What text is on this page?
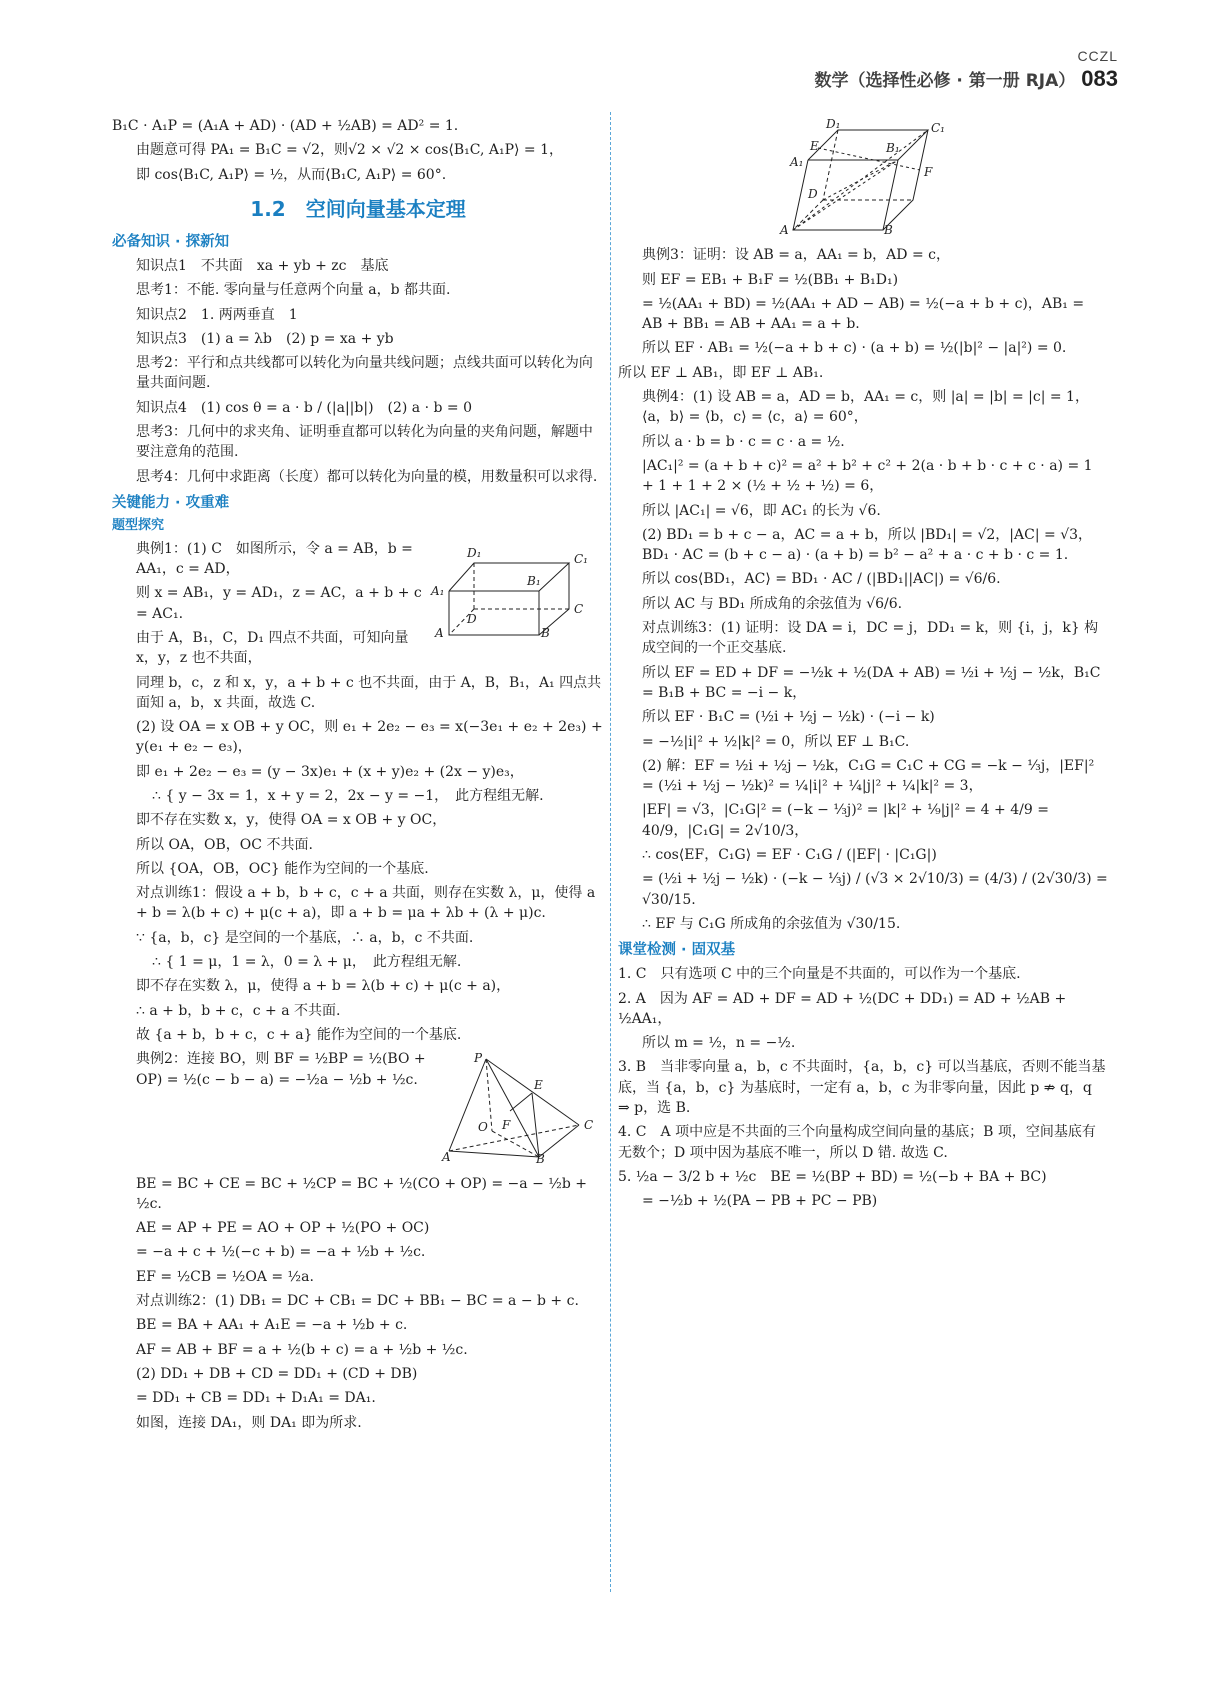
CCZL
数学（选择性必修 · 第一册 RJA） 083
B₁C · A₁P = (A₁A + AD) · (AD + ½AB) = AD² = 1.
由题意可得 PA₁ = B₁C = √2，则√2 × √2 × cos⟨B₁C, A₁P⟩ = 1，
即 cos⟨B₁C, A₁P⟩ = ½，从而⟨B₁C, A₁P⟩ = 60°.
1.2　空间向量基本定理
必备知识 · 探新知
知识点1　不共面　xa + yb + zc　基底
思考1：不能. 零向量与任意两个向量 a，b 都共面.
知识点2　1. 两两垂直　1
知识点3　(1) a = λb　(2) p = xa + yb
思考2：平行和点共线都可以转化为向量共线问题；点线共面可以转化为向量共面问题.
知识点4　(1) cos θ = a · b / (|a||b|)　(2) a · b = 0
思考3：几何中的求夹角、证明垂直都可以转化为向量的夹角问题，解题中要注意角的范围.
思考4：几何中求距离（长度）都可以转化为向量的模，用数量积可以求得.
关键能力 · 攻重难
题型探究
典例1：(1) C　如图所示，令 a = AB，b = AA₁，c = AD，
则 x = AB₁，y = AD₁，z = AC，a + b + c = AC₁.
由于 A，B₁，C，D₁ 四点不共面，可知向量 x，y，z 也不共面，
D₁	C₁
B₁
A₁
D
C
A	B
同理 b，c，z 和 x，y，a + b + c 也不共面，由于 A，B，B₁，A₁ 四点共面知 a，b，x 共面，故选 C.
(2) 设 OA = x OB + y OC，则 e₁ + 2e₂ − e₃ = x(−3e₁ + e₂ + 2e₃) + y(e₁ + e₂ − e₃)，
即 e₁ + 2e₂ − e₃ = (y − 3x)e₁ + (x + y)e₂ + (2x − y)e₃，
∴ { y − 3x = 1，x + y = 2，2x − y = −1，　此方程组无解.
即不存在实数 x，y，使得 OA = x OB + y OC，
所以 OA，OB，OC 不共面.
所以 {OA，OB，OC} 能作为空间的一个基底.
对点训练1：假设 a + b，b + c，c + a 共面，则存在实数 λ，μ，使得 a + b = λ(b + c) + μ(c + a)，即 a + b = μa + λb + (λ + μ)c.
∵ {a，b，c} 是空间的一个基底，∴ a，b，c 不共面.
∴ { 1 = μ，1 = λ，0 = λ + μ，　此方程组无解.
即不存在实数 λ，μ，使得 a + b = λ(b + c) + μ(c + a)，
∴ a + b，b + c，c + a 不共面.
故 {a + b，b + c，c + a} 能作为空间的一个基底.
典例2：连接 BO，则 BF = ½BP = ½(BO + OP) = ½(c − b − a) = −½a − ½b + ½c.
P
E
O F	C
A	B
BE = BC + CE = BC + ½CP = BC + ½(CO + OP) = −a − ½b + ½c.
AE = AP + PE = AO + OP + ½(PO + OC)
= −a + c + ½(−c + b) = −a + ½b + ½c.
EF = ½CB = ½OA = ½a.
对点训练2：(1) DB₁ = DC + CB₁ = DC + BB₁ − BC = a − b + c.
BE = BA + AA₁ + A₁E = −a + ½b + c.
AF = AB + BF = a + ½(b + c) = a + ½b + ½c.
(2) DD₁ + DB + CD = DD₁ + (CD + DB)
= DD₁ + CB = DD₁ + D₁A₁ = DA₁.
如图，连接 DA₁，则 DA₁ 即为所求.
D₁	C₁
E	B₁
A₁
D
F
A	B
典例3：证明：设 AB = a，AA₁ = b，AD = c，
则 EF = EB₁ + B₁F = ½(BB₁ + B₁D₁)
= ½(AA₁ + BD) = ½(AA₁ + AD − AB) = ½(−a + b + c)，AB₁ = AB + BB₁ = AB + AA₁ = a + b.
所以 EF · AB₁ = ½(−a + b + c) · (a + b) = ½(|b|² − |a|²) = 0.
所以 EF ⊥ AB₁，即 EF ⊥ AB₁.
典例4：(1) 设 AB = a，AD = b，AA₁ = c，则 |a| = |b| = |c| = 1，⟨a，b⟩ = ⟨b，c⟩ = ⟨c，a⟩ = 60°，
所以 a · b = b · c = c · a = ½.
|AC₁|² = (a + b + c)² = a² + b² + c² + 2(a · b + b · c + c · a) = 1 + 1 + 1 + 2 × (½ + ½ + ½) = 6，
所以 |AC₁| = √6，即 AC₁ 的长为 √6.
(2) BD₁ = b + c − a，AC = a + b，所以 |BD₁| = √2，|AC| = √3，BD₁ · AC = (b + c − a) · (a + b) = b² − a² + a · c + b · c = 1.
所以 cos⟨BD₁，AC⟩ = BD₁ · AC / (|BD₁||AC|) = √6/6.
所以 AC 与 BD₁ 所成角的余弦值为 √6/6.
对点训练3：(1) 证明：设 DA = i，DC = j，DD₁ = k，则 {i，j，k} 构成空间的一个正交基底.
所以 EF = ED + DF = −½k + ½(DA + AB) = ½i + ½j − ½k，B₁C = B₁B + BC = −i − k，
所以 EF · B₁C = (½i + ½j − ½k) · (−i − k)
= −½|i|² + ½|k|² = 0，所以 EF ⊥ B₁C.
(2) 解：EF = ½i + ½j − ½k，C₁G = C₁C + CG = −k − ⅓j，|EF|² = (½i + ½j − ½k)² = ¼|i|² + ¼|j|² + ¼|k|² = 3，
|EF| = √3，|C₁G|² = (−k − ⅓j)² = |k|² + ⅑|j|² = 4 + 4/9 = 40/9，|C₁G| = 2√10/3，
∴ cos⟨EF，C₁G⟩ = EF · C₁G / (|EF| · |C₁G|)
= (½i + ½j − ½k) · (−k − ⅓j) / (√3 × 2√10/3) = (4/3) / (2√30/3) = √30/15.
∴ EF 与 C₁G 所成角的余弦值为 √30/15.
课堂检测 · 固双基
1. C　只有选项 C 中的三个向量是不共面的，可以作为一个基底.
2. A　因为 AF = AD + DF = AD + ½(DC + DD₁) = AD + ½AB + ½AA₁，
所以 m = ½，n = −½.
3. B　当非零向量 a，b，c 不共面时，{a，b，c} 可以当基底，否则不能当基底，当 {a，b，c} 为基底时，一定有 a，b，c 为非零向量，因此 p ⇏ q，q ⇒ p，选 B.
4. C　A 项中应是不共面的三个向量构成空间向量的基底；B 项，空间基底有无数个；D 项中因为基底不唯一，所以 D 错. 故选 C.
5. ½a − 3/2 b + ½c　BE = ½(BP + BD) = ½(−b + BA + BC)
= −½b + ½(PA − PB + PC − PB)
